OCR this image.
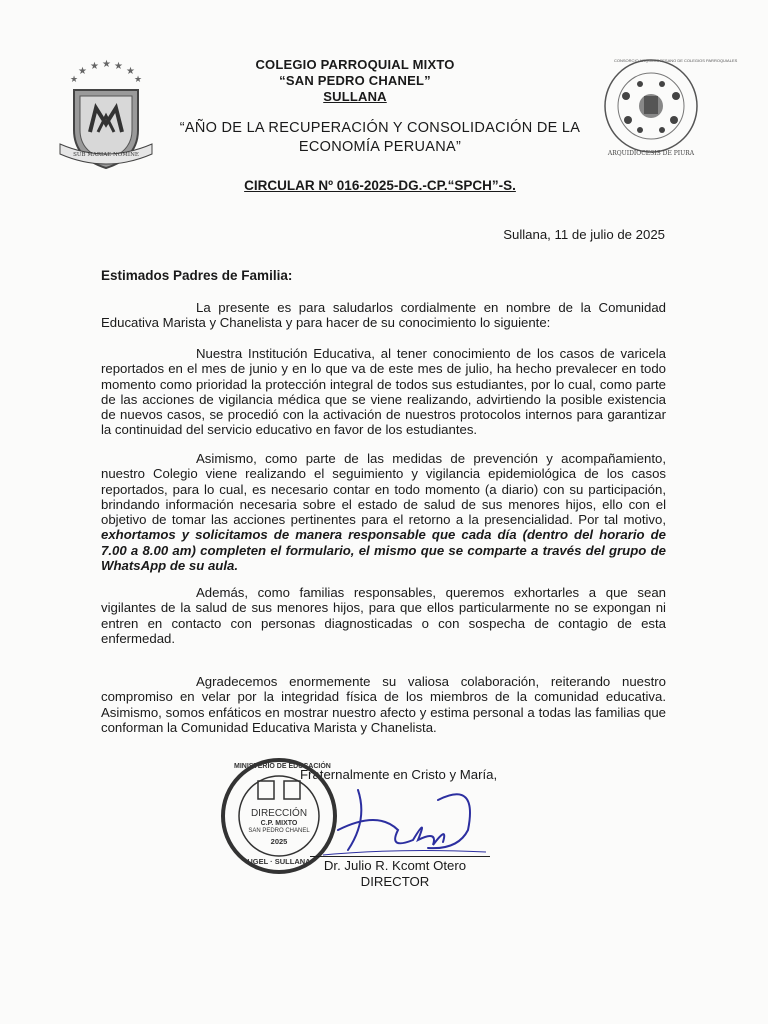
★ ★ ★ ★ ★
★	★
SUB MARIAE NOMINE
CONSORCIO ARQUIDIOCESANO DE COLEGIOS PARROQUIALES
ARQUIDIOCESIS DE PIURA
COLEGIO PARROQUIAL MIXTO
“SAN PEDRO CHANEL”
SULLANA
“AÑO DE LA RECUPERACIÓN Y CONSOLIDACIÓN DE LA
ECONOMÍA PERUANA”
CIRCULAR Nº 016-2025-DG.-CP.“SPCH”-S.
Sullana, 11 de julio de 2025
Estimados Padres de Familia:
La presente es para saludarlos cordialmente en nombre de la Comunidad Educativa Marista y Chanelista y para hacer de su conocimiento lo siguiente:
Nuestra Institución Educativa, al tener conocimiento de los casos de varicela reportados en el mes de junio y en lo que va de este mes de julio, ha hecho prevalecer en todo momento como prioridad la protección integral de todos sus estudiantes, por lo cual, como parte de las acciones de vigilancia médica que se viene realizando, advirtiendo la posible existencia de nuevos casos, se procedió con la activación de nuestros protocolos internos para garantizar la continuidad del servicio educativo en favor de los estudiantes.
Asimismo, como parte de las medidas de prevención y acompañamiento, nuestro Colegio viene realizando el seguimiento y vigilancia epidemiológica de los casos reportados, para lo cual, es necesario contar en todo momento (a diario) con su participación, brindando información necesaria sobre el estado de salud de sus menores hijos, ello con el objetivo de tomar las acciones pertinentes para el retorno a la presencialidad. Por tal motivo, exhortamos y solicitamos de manera responsable que cada día (dentro del horario de 7.00 a 8.00 am) completen el formulario, el mismo que se comparte a través del grupo de WhatsApp de su aula.
Además, como familias responsables, queremos exhortarles a que sean vigilantes de la salud de sus menores hijos, para que ellos particularmente no se expongan ni entren en contacto con personas diagnosticadas o con sospecha de contagio de esta enfermedad.
Agradecemos enormemente su valiosa colaboración, reiterando nuestro compromiso en velar por la integridad física de los miembros de la comunidad educativa. Asimismo, somos enfáticos en mostrar nuestro afecto y estima personal a todas las familias que conforman la Comunidad Educativa Marista y Chanelista.
Fraternalmente en Cristo y María,
MINISTERIO DE EDUCACIÓN
DIRECCIÓN
C.P. MIXTO
SAN PEDRO CHANEL
2025
UGEL · SULLANA	Dr. Julio R. Kcomt Otero
DIRECTOR
